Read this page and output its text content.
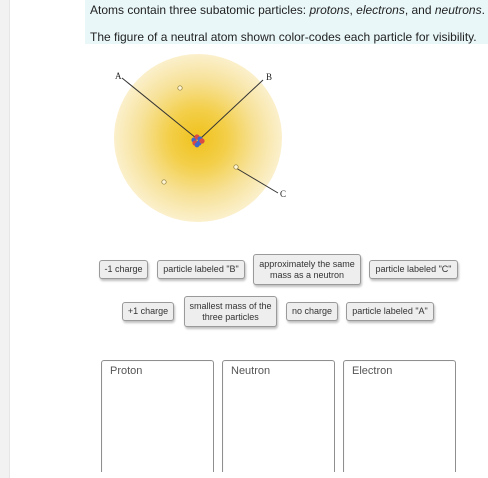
Atoms contain three subatomic particles: protons, electrons, and neutrons.
The figure of a neutral atom shown color-codes each particle for visibility.
A	B
C
-1 charge	particle labeled "B"
approximately the same mass as a neutron
particle labeled "C"
+1 charge
smallest mass of the three particles
no charge	particle labeled "A"
Proton	Neutron	Electron
